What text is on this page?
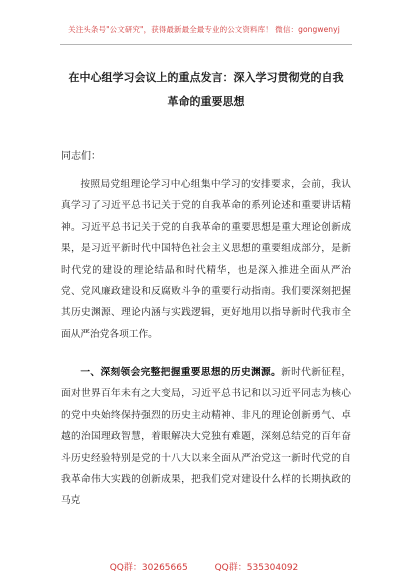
关注头条号"公文研究"，获得最新最全最专业的公文资料库！ 微信：gongwenyj
在中心组学习会议上的重点发言：深入学习贯彻党的自我
革命的重要思想
同志们：
按照局党组理论学习中心组集中学习的安排要求，会前，我认真学习了习近平总书记关于党的自我革命的系列论述和重要讲话精神。习近平总书记关于党的自我革命的重要思想是重大理论创新成果，是习近平新时代中国特色社会主义思想的重要组成部分，是新时代党的建设的理论结晶和时代精华，也是深入推进全面从严治党、党风廉政建设和反腐败斗争的重要行动指南。我们要深刻把握其历史渊源、理论内涵与实践逻辑，更好地用以指导新时代我市全面从严治党各项工作。
一、深刻领会完整把握重要思想的历史渊源。新时代新征程，面对世界百年未有之大变局，习近平总书记和以习近平同志为核心的党中央始终保持强烈的历史主动精神、非凡的理论创新勇气、卓越的治国理政智慧，着眼解决大党独有难题，深刻总结党的百年奋斗历史经验特别是党的十八大以来全面从严治党这一新时代党的自我革命伟大实践的创新成果，把我们党对建设什么样的长期执政的马克
QQ群：30265665	QQ群：535304092
